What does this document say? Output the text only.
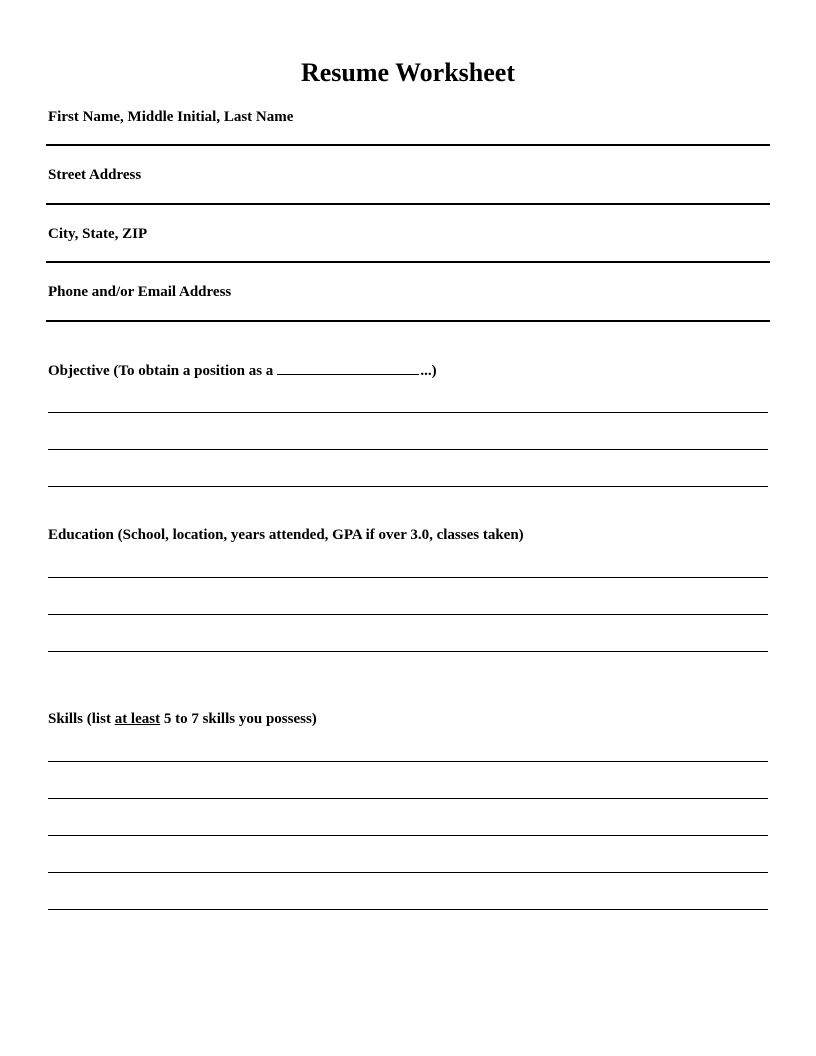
Resume Worksheet
First Name, Middle Initial, Last Name
Street Address
City, State, ZIP
Phone and/or Email Address
Objective (To obtain a position as a	...)
Education (School, location, years attended, GPA if over 3.0, classes taken)
Skills (list at least 5 to 7 skills you possess)
